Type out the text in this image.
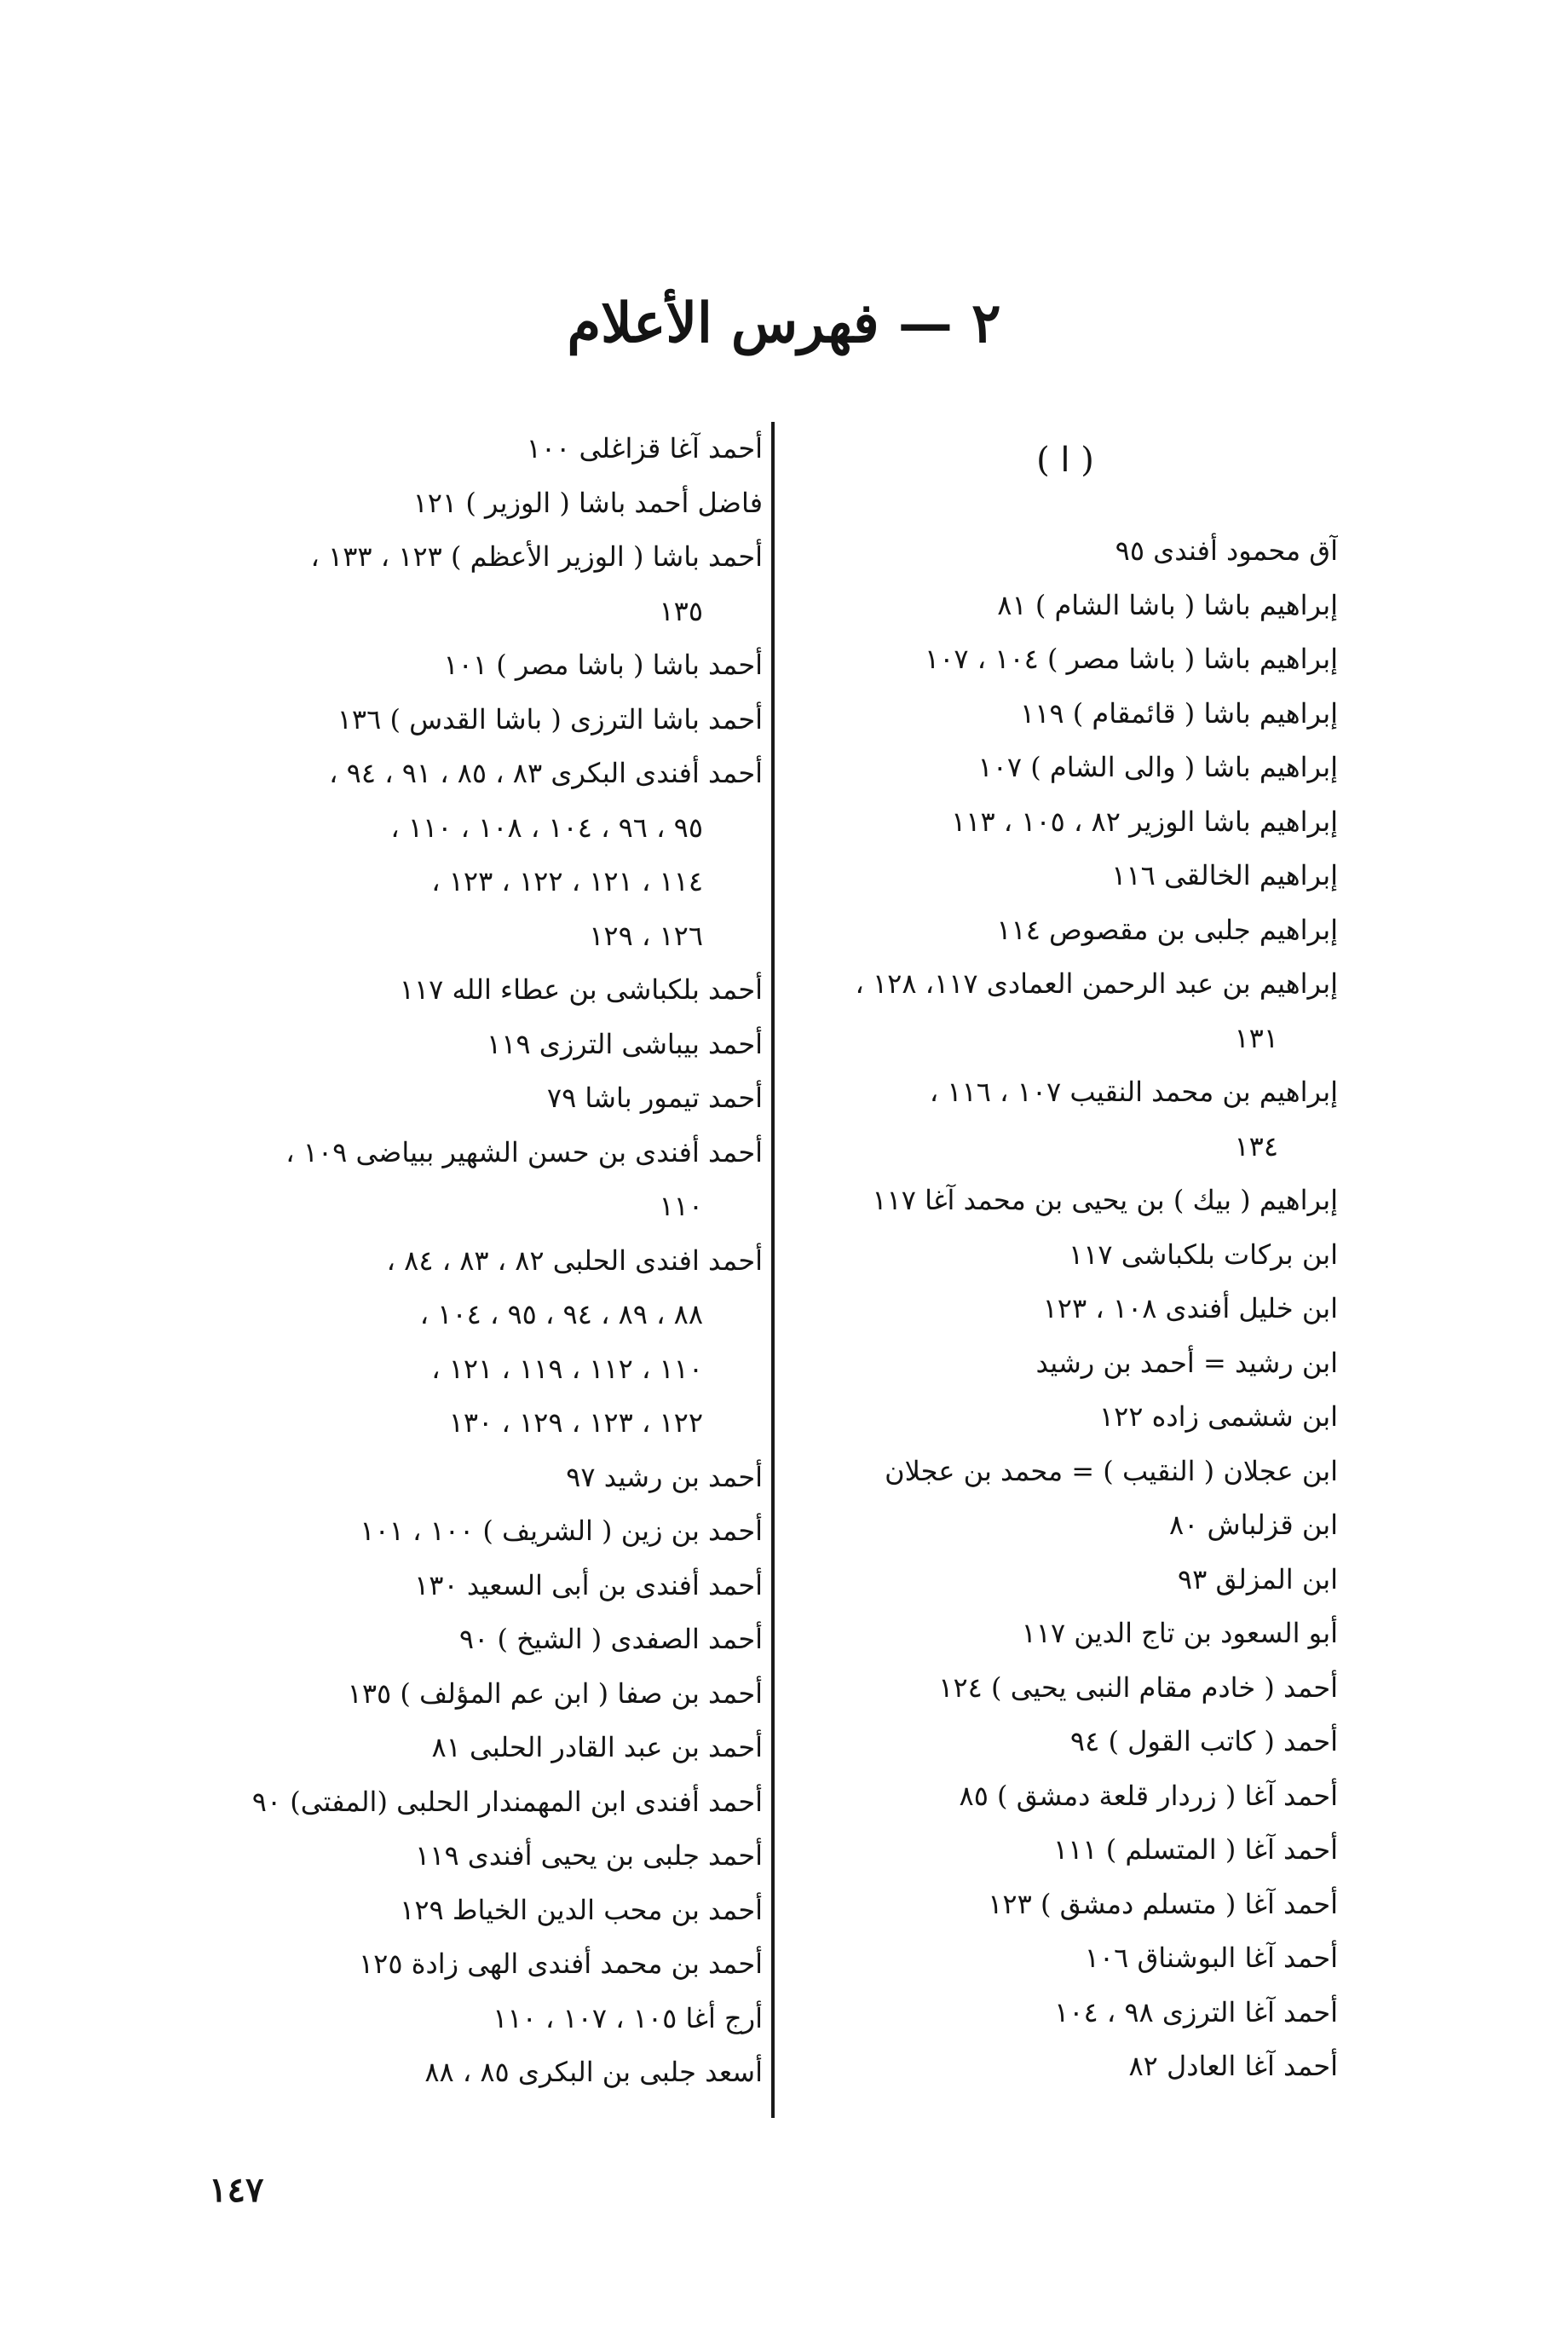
٢ — فهرس الأعلام
( ا )
آق محمود أفندى ٩٥
إبراهيم باشا ( باشا الشام ) ٨١
إبراهيم باشا ( باشا مصر ) ١٠٤ ، ١٠٧
إبراهيم باشا ( قائمقام ) ١١٩
إبراهيم باشا ( والى الشام ) ١٠٧
إبراهيم باشا الوزير ٨٢ ، ١٠٥ ، ١١٣
إبراهيم الخالقى ١١٦
إبراهيم جلبى بن مقصوص ١١٤
إبراهيم بن عبد الرحمن العمادى ١١٧، ١٢٨ ،
١٣١
إبراهيم بن محمد النقيب ١٠٧ ، ١١٦ ،
١٣٤
إبراهيم ( بيك ) بن يحيى بن محمد آغا ١١٧
ابن بركات بلكباشى ١١٧
ابن خليل أفندى ١٠٨ ، ١٢٣
ابن رشيد = أحمد بن رشيد
ابن ششمى زاده ١٢٢
ابن عجلان ( النقيب ) = محمد بن عجلان
ابن قزلباش ٨٠
ابن المزلق ٩٣
أبو السعود بن تاج الدين ١١٧
أحمد ( خادم مقام النبى يحيى ) ١٢٤
أحمد ( كاتب القول ) ٩٤
أحمد آغا ( زردار قلعة دمشق ) ٨٥
أحمد آغا ( المتسلم ) ١١١
أحمد آغا ( متسلم دمشق ) ١٢٣
أحمد آغا البوشناق ١٠٦
أحمد آغا الترزى ٩٨ ، ١٠٤
أحمد آغا العادل ٨٢
أحمد آغا قزاغلى ١٠٠
فاضل أحمد باشا ( الوزير ) ١٢١
أحمد باشا ( الوزير الأعظم ) ١٢٣ ، ١٣٣ ،
١٣٥
أحمد باشا ( باشا مصر ) ١٠١
أحمد باشا الترزى ( باشا القدس ) ١٣٦
أحمد أفندى البكرى ٨٣ ، ٨٥ ، ٩١ ، ٩٤ ،
٩٥ ، ٩٦ ، ١٠٤ ، ١٠٨ ، ١١٠ ،
١١٤ ، ١٢١ ، ١٢٢ ، ١٢٣ ،
١٢٦ ، ١٢٩
أحمد بلكباشى بن عطاء الله ١١٧
أحمد بيباشى الترزى ١١٩
أحمد تيمور باشا ٧٩
أحمد أفندى بن حسن الشهير ببياضى ١٠٩ ،
١١٠
أحمد افندى الحلبى ٨٢ ، ٨٣ ، ٨٤ ،
٨٨ ، ٨٩ ، ٩٤ ، ٩٥ ، ١٠٤ ،
١١٠ ، ١١٢ ، ١١٩ ، ١٢١ ،
١٢٢ ، ١٢٣ ، ١٢٩ ، ١٣٠
أحمد بن رشيد ٩٧
أحمد بن زين ( الشريف ) ١٠٠ ، ١٠١
أحمد أفندى بن أبى السعيد ١٣٠
أحمد الصفدى ( الشيخ ) ٩٠
أحمد بن صفا ( ابن عم المؤلف ) ١٣٥
أحمد بن عبد القادر الحلبى ٨١
أحمد أفندى ابن المهمندار الحلبى (المفتى) ٩٠
أحمد جلبى بن يحيى أفندى ١١٩
أحمد بن محب الدين الخياط ١٢٩
أحمد بن محمد أفندى الهى زادة ١٢٥
أرج أغا ١٠٥ ، ١٠٧ ، ١١٠
أسعد جلبى بن البكرى ٨٥ ، ٨٨
١٤٧
